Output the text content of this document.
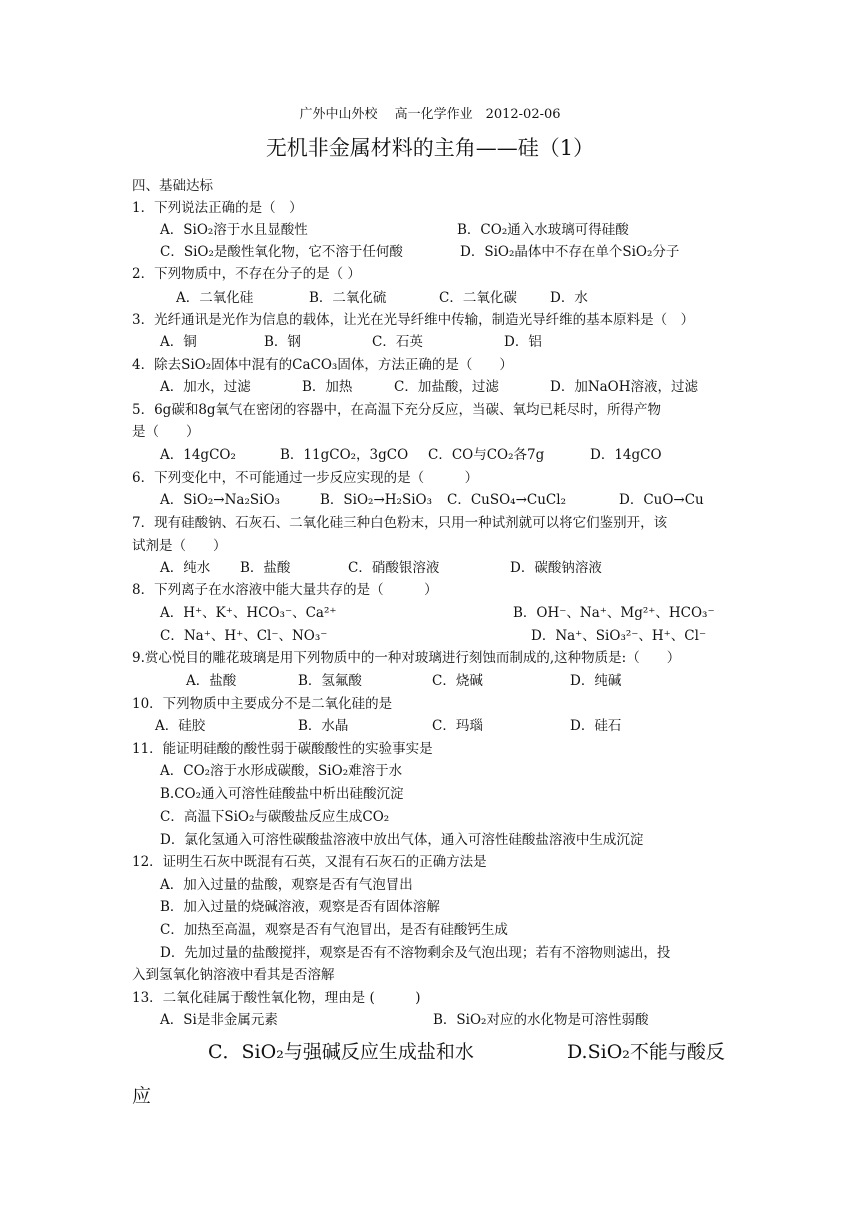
广外中山外校　 高一化学作业　2012-02-06
无机非金属材料的主角——硅（1）
四、基础达标
1．下列说法正确的是（　）
A．SiO₂溶于水且显酸性	B．CO₂通入水玻璃可得硅酸
C．SiO₂是酸性氧化物，它不溶于任何酸	D．SiO₂晶体中不存在单个SiO₂分子
2．下列物质中，不存在分子的是（ ）
A．二氧化硅	B．二氧化硫	C．二氧化碳 D．水
3．光纤通讯是光作为信息的载体，让光在光导纤维中传输，制造光导纤维的基本原料是（　）
A．铜	B．钢	C．石英	D．铝
4．除去SiO₂固体中混有的CaCO₃固体，方法正确的是（　　）
A．加水，过滤	B．加热	C．加盐酸，过滤	D．加NaOH溶液，过滤
5．6g碳和8g氧气在密闭的容器中，在高温下充分反应，当碳、氧均已耗尽时，所得产物
是（　　）
A．14gCO₂	B．11gCO₂，3gCO C．CO与CO₂各7g	D．14gCO
6．下列变化中，不可能通过一步反应实现的是（　　　）
A．SiO₂→Na₂SiO₃	B．SiO₂→H₂SiO₃ C．CuSO₄→CuCl₂	D．CuO→Cu
7．现有硅酸钠、石灰石、二氧化硅三种白色粉末，只用一种试剂就可以将它们鉴别开，该
试剂是（　　）
A．纯水 B．盐酸	C．硝酸银溶液	D．碳酸钠溶液
8．下列离子在水溶液中能大量共存的是（　　　）
A．H⁺、K⁺、HCO₃⁻、Ca²⁺	B．OH⁻、Na⁺、Mg²⁺、HCO₃⁻
C．Na⁺、H⁺、Cl⁻、NO₃⁻	D．Na⁺、SiO₃²⁻、H⁺、Cl⁻
9.赏心悦目的雕花玻璃是用下列物质中的一种对玻璃进行刻蚀而制成的,这种物质是:（　　）
A．盐酸	B．氢氟酸	C．烧碱	D．纯碱
10．下列物质中主要成分不是二氧化硅的是
A．硅胶	B．水晶	C．玛瑙	D．硅石
11．能证明硅酸的酸性弱于碳酸酸性的实验事实是
A．CO₂溶于水形成碳酸，SiO₂难溶于水
B.CO₂通入可溶性硅酸盐中析出硅酸沉淀
C．高温下SiO₂与碳酸盐反应生成CO₂
D．氯化氢通入可溶性碳酸盐溶液中放出气体，通入可溶性硅酸盐溶液中生成沉淀
12．证明生石灰中既混有石英，又混有石灰石的正确方法是
A．加入过量的盐酸，观察是否有气泡冒出
B．加入过量的烧碱溶液，观察是否有固体溶解
C．加热至高温，观察是否有气泡冒出，是否有硅酸钙生成
D．先加过量的盐酸搅拌，观察是否有不溶物剩余及气泡出现；若有不溶物则滤出，投
入到氢氧化钠溶液中看其是否溶解
13．二氧化硅属于酸性氧化物，理由是 (　　　)
A．Si是非金属元素	B．SiO₂对应的水化物是可溶性弱酸
C．SiO₂与强碱反应生成盐和水	D.SiO₂不能与酸反
应
